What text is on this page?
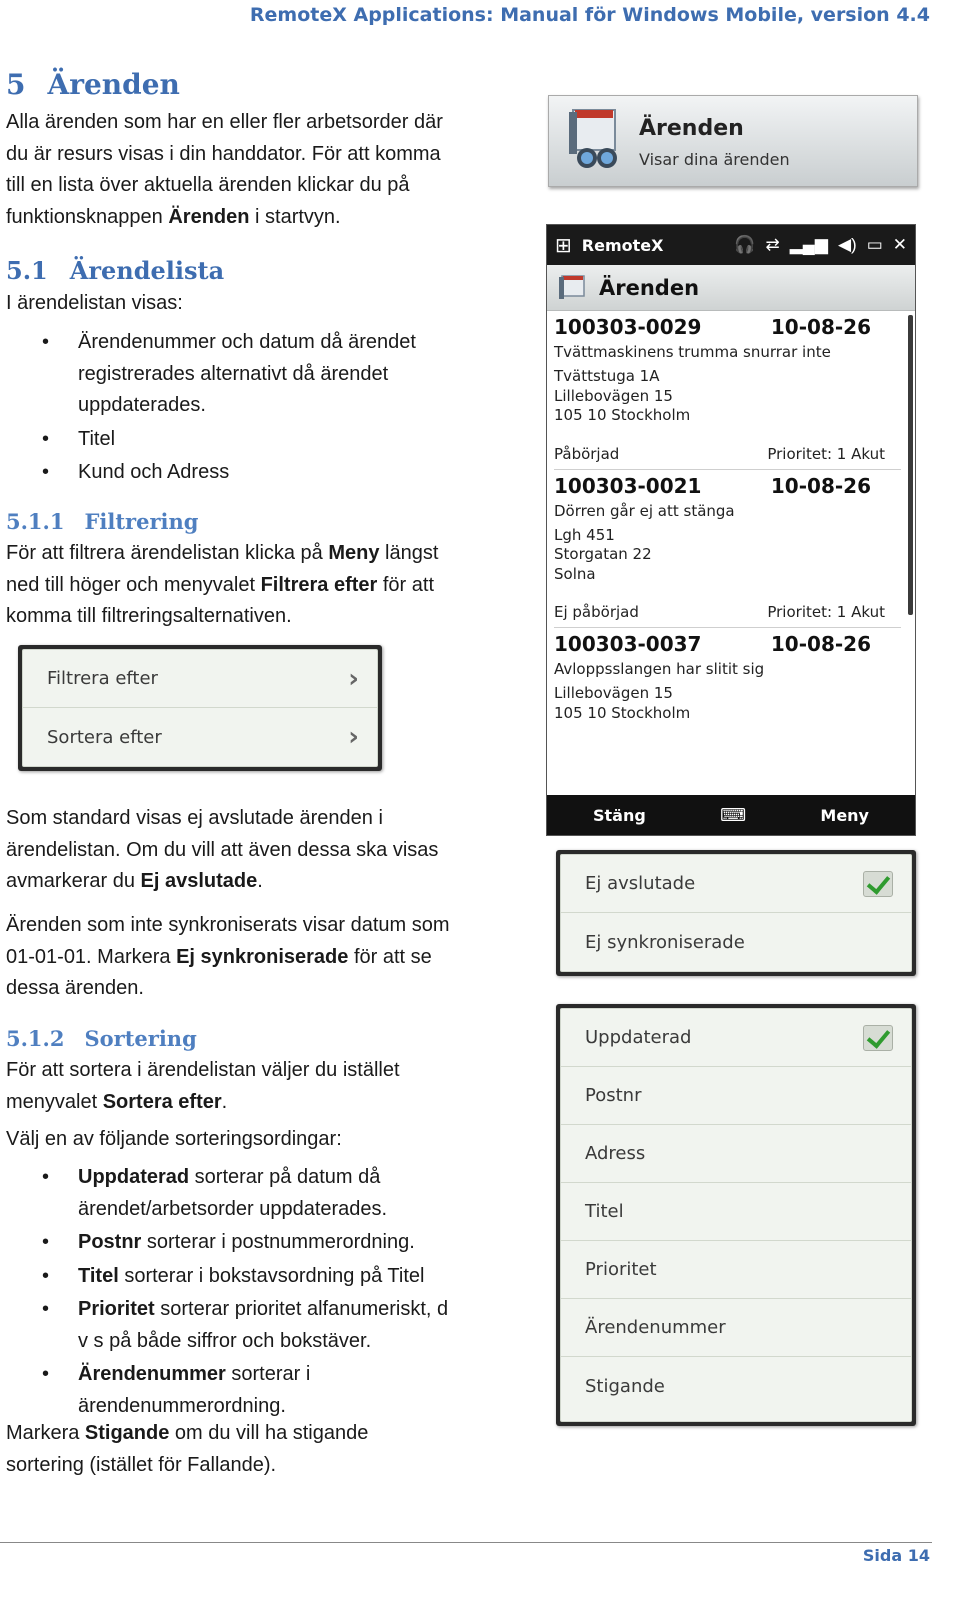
RemoteX Applications: Manual för Windows Mobile, version 4.4
5 Ärenden
Alla ärenden som har en eller fler arbetsorder där du är resurs visas i din handdator. För att komma till en lista över aktuella ärenden klickar du på funktionsknappen Ärenden i startvyn.
5.1 Ärendelista
I ärendelistan visas:
• Ärendenummer och datum då ärendet registrerades alternativt då ärendet uppdaterades.
• Titel
• Kund och Adress
5.1.1 Filtrering
För att filtrera ärendelistan klicka på Meny längst ned till höger och menyvalet Filtrera efter för att komma till filtreringsalternativen.
Filtrera efter	›
Sortera efter	›
Som standard visas ej avslutade ärenden i ärendelistan. Om du vill att även dessa ska visas avmarkerar du Ej avslutade.
Ärenden som inte synkroniserats visar datum som 01-01-01. Markera Ej synkroniserade för att se dessa ärenden.
5.1.2 Sortering
För att sortera i ärendelistan väljer du istället menyvalet Sortera efter.
Välj en av följande sorteringsordingar:
• Uppdaterad sorterar på datum då ärendet/arbetsorder uppdaterades.
• Postnr sorterar i postnummerordning.
• Titel sorterar i bokstavsordning på Titel
• Prioritet sorterar prioritet alfanumeriskt, d v s på både siffror och bokstäver.
• Ärendenummer sorterar i ärendenummerordning.
Markera Stigande om du vill ha stigande sortering (istället för Fallande).
Ärenden
Visar dina ärenden
⊞ RemoteX	🎧 ⇄ ▂▄▆ ◀) ▭ ✕
Ärenden
100303-0029	10-08-26
Tvättmaskinens trumma snurrar inte
Tvättstuga 1A
Lillebovägen 15
105 10 Stockholm
Påbörjad	Prioritet: 1 Akut
100303-0021	10-08-26
Dörren går ej att stänga
Lgh 451
Storgatan 22
Solna
Ej påbörjad	Prioritet: 1 Akut
100303-0037	10-08-26
Avloppsslangen har slitit sig
Lillebovägen 15
105 10 Stockholm
Stäng	⌨	Meny
Ej avslutade
Ej synkroniserade
Uppdaterad
Postnr
Adress
Titel
Prioritet
Ärendenummer
Stigande
Sida 14
